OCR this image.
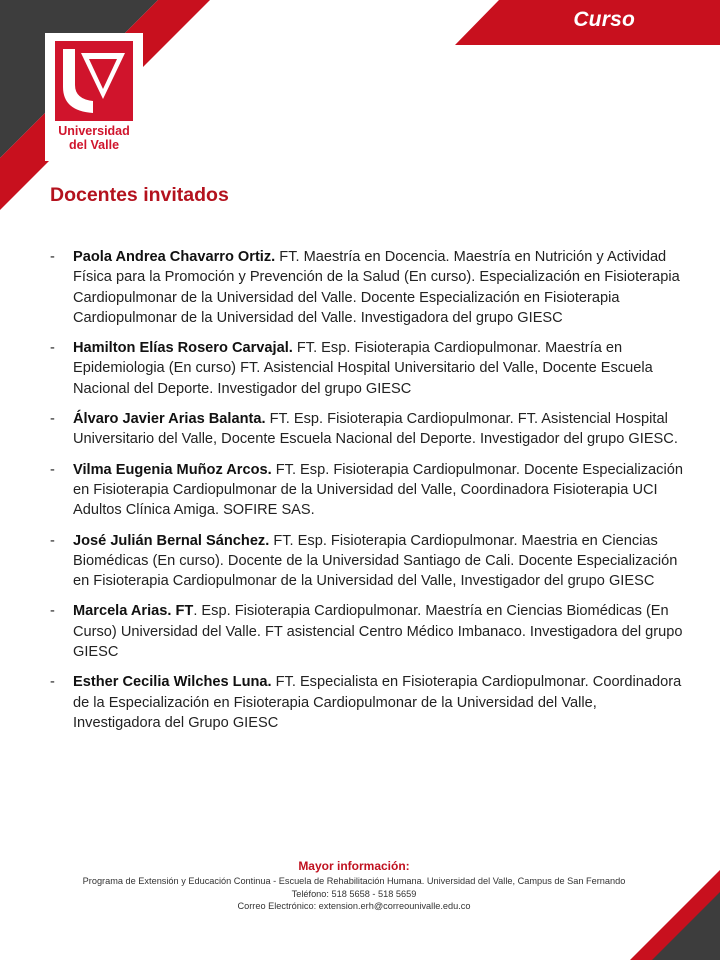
Curso
Universidad
del Valle
Docentes invitados
- Paola Andrea Chavarro Ortiz. FT. Maestría en Docencia. Maestría en Nutrición y Actividad Física para la Promoción y Prevención de la Salud (En curso). Especialización en Fisioterapia Cardiopulmonar de la Universidad del Valle. Docente Especialización en Fisioterapia Cardiopulmonar de la Universidad del Valle. Investigadora del grupo GIESC
- Hamilton Elías Rosero Carvajal. FT. Esp. Fisioterapia Cardiopulmonar. Maestría en Epidemiologia (En curso) FT. Asistencial Hospital Universitario del Valle, Docente Escuela Nacional del Deporte. Investigador del grupo GIESC
- Álvaro Javier Arias Balanta. FT. Esp. Fisioterapia Cardiopulmonar. FT. Asistencial Hospital Universitario del Valle, Docente Escuela Nacional del Deporte. Investigador del grupo GIESC.
- Vilma Eugenia Muñoz Arcos. FT. Esp. Fisioterapia Cardiopulmonar. Docente Especialización en Fisioterapia Cardiopulmonar de la Universidad del Valle, Coordinadora Fisioterapia UCI Adultos Clínica Amiga. SOFIRE SAS.
- José Julián Bernal Sánchez. FT. Esp. Fisioterapia Cardiopulmonar. Maestria en Ciencias Biomédicas (En curso). Docente de la Universidad Santiago de Cali. Docente Especialización en Fisioterapia Cardiopulmonar de la Universidad del Valle, Investigador del grupo GIESC
- Marcela Arias. FT. Esp. Fisioterapia Cardiopulmonar. Maestría en Ciencias Biomédicas (En Curso) Universidad del Valle. FT asistencial Centro Médico Imbanaco. Investigadora del grupo GIESC
- Esther Cecilia Wilches Luna. FT. Especialista en Fisioterapia Cardiopulmonar. Coordinadora de la Especialización en Fisioterapia Cardiopulmonar de la Universidad del Valle, Investigadora del Grupo GIESC
Mayor información:
Programa de Extensión y Educación Continua - Escuela de Rehabilitación Humana. Universidad del Valle, Campus de San Fernando
Teléfono: 518 5658 - 518 5659
Correo Electrónico: extension.erh@correounivalle.edu.co
